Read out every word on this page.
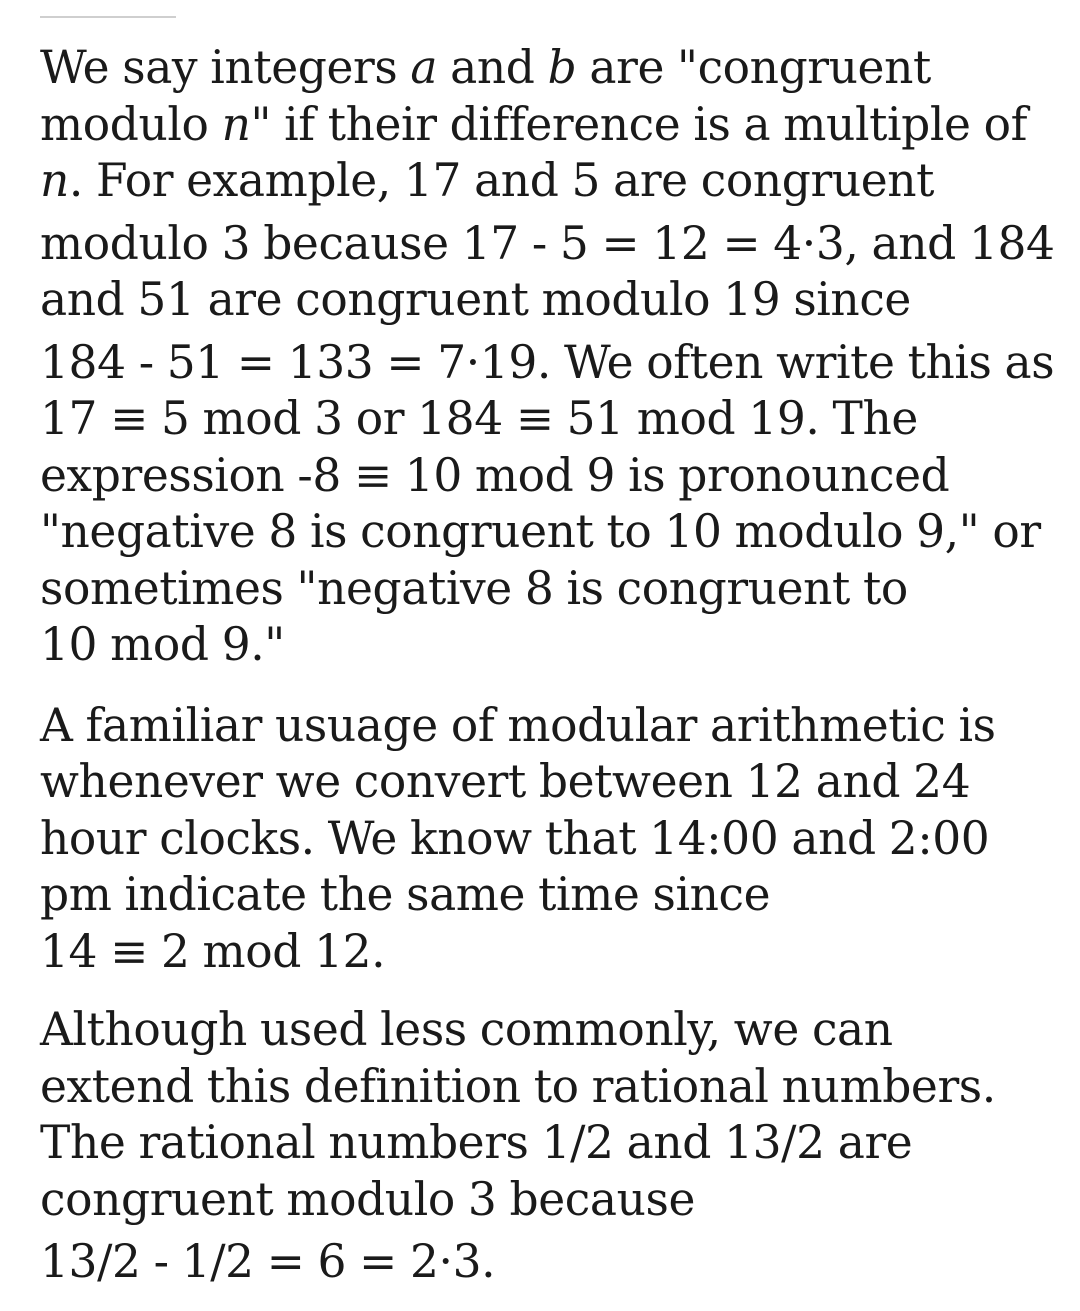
We say integers a and b are "congruent
modulo n" if their difference is a multiple of
n. For example, 17 and 5 are congruent
modulo 3 because 17 - 5 = 12 = 4·3, and 184
and 51 are congruent modulo 19 since
184 - 51 = 133 = 7·19. We often write this as
17 ≡ 5 mod 3 or 184 ≡ 51 mod 19. The
expression -8 ≡ 10 mod 9 is pronounced
"negative 8 is congruent to 10 modulo 9," or
sometimes "negative 8 is congruent to
10 mod 9."

A familiar usuage of modular arithmetic is
whenever we convert between 12 and 24
hour clocks. We know that 14:00 and 2:00
pm indicate the same time since
14 ≡ 2 mod 12.

Although used less commonly, we can
extend this definition to rational numbers.
The rational numbers 1/2 and 13/2 are
congruent modulo 3 because
13/2 - 1/2 = 6 = 2·3.
